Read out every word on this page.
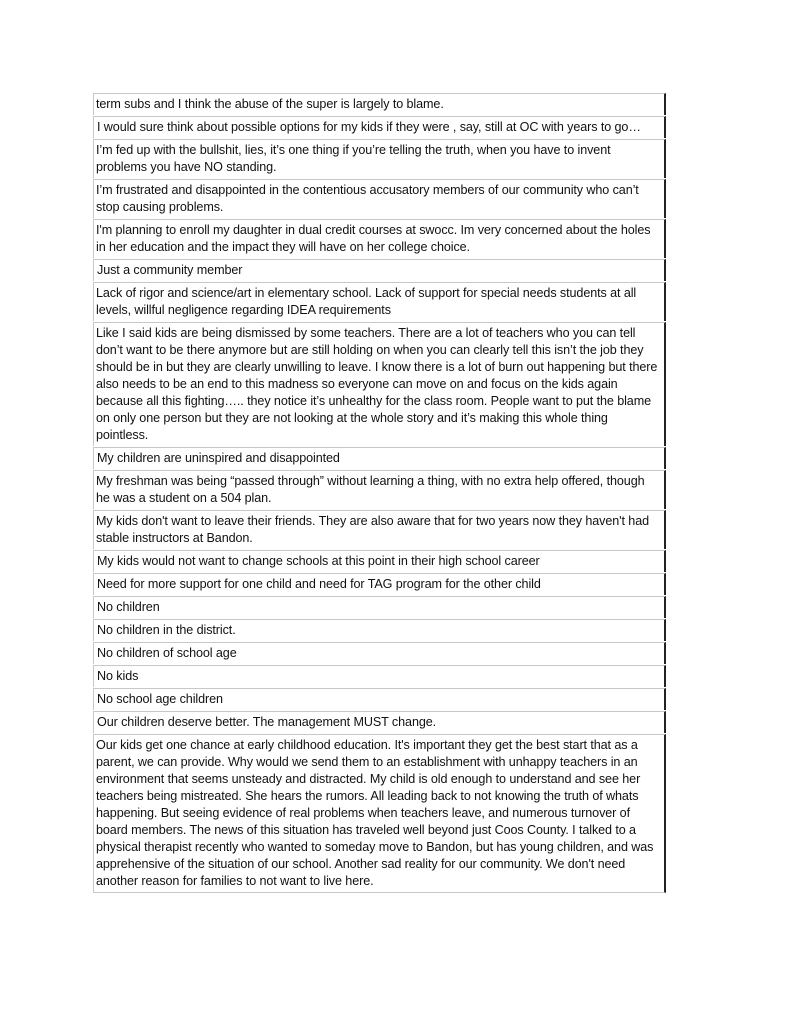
term subs and I think the abuse of the super is largely to blame.
I would sure think about possible options for my kids if they were , say, still at OC with years to go…
I’m fed up with the bullshit, lies, it’s one thing if you’re telling the truth, when you have to invent problems you have NO standing.
I’m frustrated and disappointed in the contentious accusatory members of our community who can’t stop causing problems.
I'm planning to enroll my daughter in dual credit courses at swocc. Im very concerned about the holes in her education and the impact they will have on her college choice.
Just a community member
Lack of rigor and science/art in elementary school. Lack of support for special needs students at all levels, willful negligence regarding IDEA requirements
Like I said kids are being dismissed by some teachers. There are a lot of teachers who you can tell don’t want to be there anymore but are still holding on when you can clearly tell this isn’t the job they should be in but they are clearly unwilling to leave. I know there is a lot of burn out happening but there also needs to be an end to this madness so everyone can move on and focus on the kids again because all this fighting….. they notice it’s unhealthy for the class room. People want to put the blame on only one person but they are not looking at the whole story and it’s making this whole thing pointless.
My children are uninspired and disappointed
My freshman was being “passed through” without learning a thing, with no extra help offered, though he was a student on a 504 plan.
My kids don't want to leave their friends. They are also aware that for two years now they haven't had stable instructors at Bandon.
My kids would not want to change schools at this point in their high school career
Need for more support for one child and need for TAG program for the other child
No children
No children in the district.
No children of school age
No kids
No school age children
Our children deserve better. The management MUST change.
Our kids get one chance at early childhood education. It's important they get the best start that as a parent, we can provide. Why would we send them to an establishment with unhappy teachers in an environment that seems unsteady and distracted. My child is old enough to understand and see her teachers being mistreated. She hears the rumors. All leading back to not knowing the truth of whats happening. But seeing evidence of real problems when teachers leave, and numerous turnover of board members. The news of this situation has traveled well beyond just Coos County. I talked to a physical therapist recently who wanted to someday move to Bandon, but has young children, and was apprehensive of the situation of our school. Another sad reality for our community. We don't need another reason for families to not want to live here.
